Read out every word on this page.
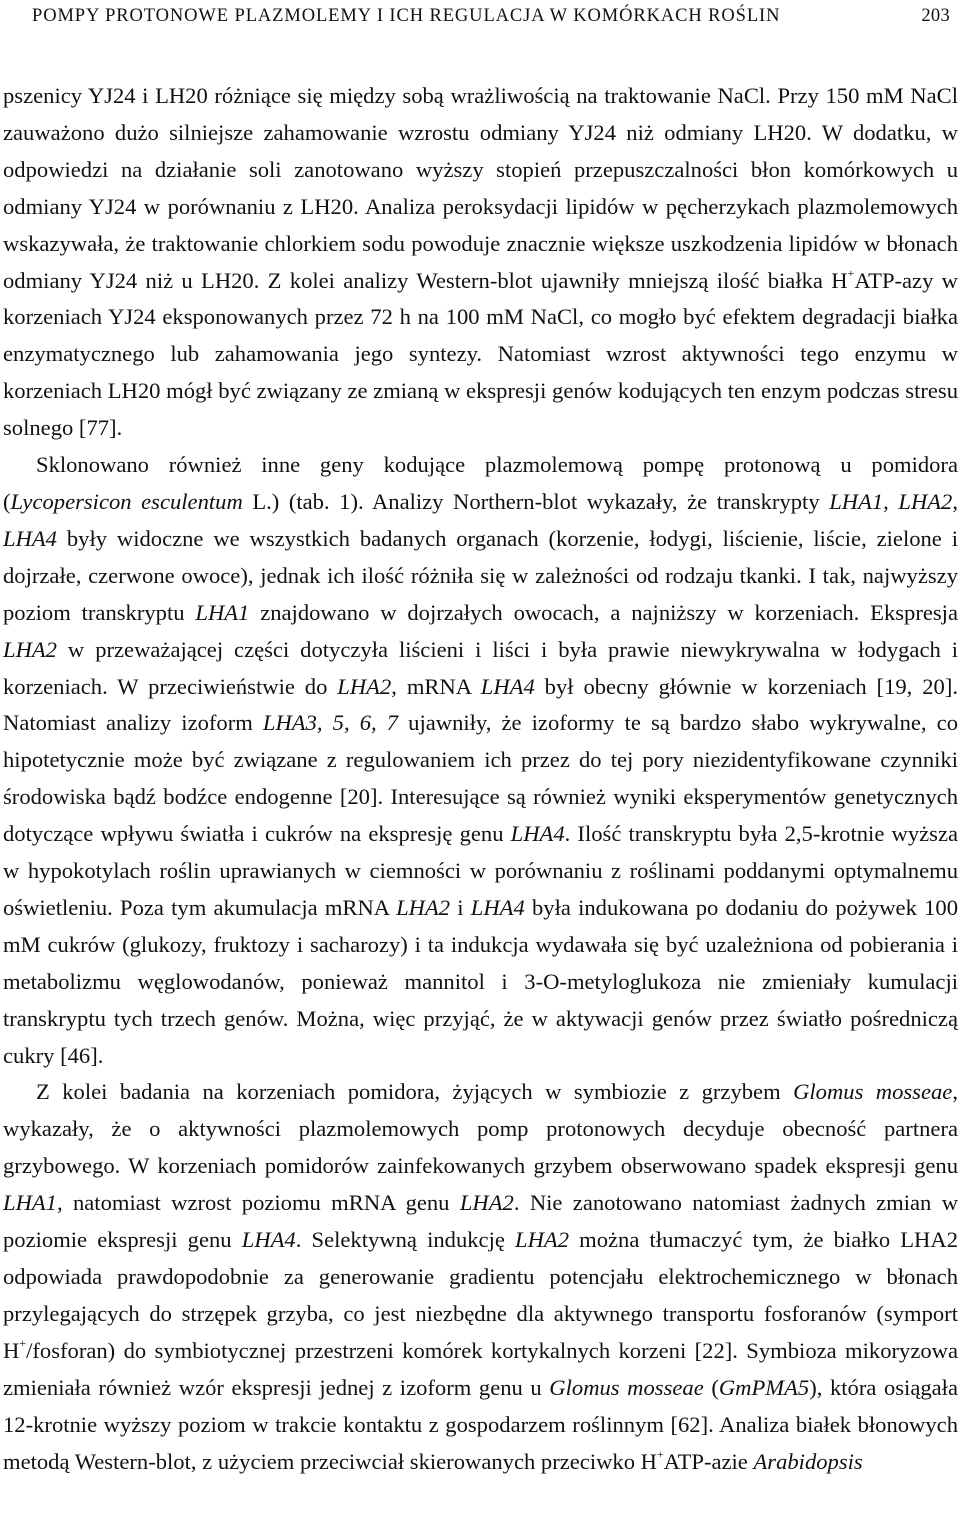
POMPY PROTONOWE PLAZMOLEMY I ICH REGULACJA W KOMÓRKACH ROŚLIN	203

pszenicy YJ24 i LH20 różniące się między sobą wrażliwością na traktowanie NaCl. Przy 150 mM NaCl zauważono dużo silniejsze zahamowanie wzrostu odmiany YJ24 niż odmiany LH20. W dodatku, w odpowiedzi na działanie soli zanotowano wyższy stopień przepuszczalności błon komórkowych u odmiany YJ24 w porównaniu z LH20. Analiza peroksydacji lipidów w pęcherzykach plazmolemowych wskazywała, że traktowanie chlorkiem sodu powoduje znacznie większe uszkodzenia lipidów w błonach odmiany YJ24 niż u LH20. Z kolei analizy Western-blot ujawniły mniejszą ilość białka H+ATP-azy w korzeniach YJ24 eksponowanych przez 72 h na 100 mM NaCl, co mogło być efektem degradacji białka enzymatycznego lub zahamowania jego syntezy. Natomiast wzrost aktywności tego enzymu w korzeniach LH20 mógł być związany ze zmianą w ekspresji genów kodujących ten enzym podczas stresu solnego [77].

Sklonowano również inne geny kodujące plazmolemową pompę protonową u pomidora (Lycopersicon esculentum L.) (tab. 1). Analizy Northern-blot wykazały, że transkrypty LHA1, LHA2, LHA4 były widoczne we wszystkich badanych organach (korzenie, łodygi, liścienie, liście, zielone i dojrzałe, czerwone owoce), jednak ich ilość różniła się w zależności od rodzaju tkanki. I tak, najwyższy poziom transkryptu LHA1 znajdowano w dojrzałych owocach, a najniższy w korzeniach. Ekspresja LHA2 w przeważającej części dotyczyła liścieni i liści i była prawie niewykrywalna w łodygach i korzeniach. W przeciwieństwie do LHA2, mRNA LHA4 był obecny głównie w korzeniach [19, 20]. Natomiast analizy izoform LHA3, 5, 6, 7 ujawniły, że izoformy te są bardzo słabo wykrywalne, co hipotetycznie może być związane z regulowaniem ich przez do tej pory niezidentyfikowane czynniki środowiska bądź bodźce endogenne [20]. Interesujące są również wyniki eksperymentów genetycznych dotyczące wpływu światła i cukrów na ekspresję genu LHA4. Ilość transkryptu była 2,5-krotnie wyższa w hypokotylach roślin uprawianych w ciemności w porównaniu z roślinami poddanymi optymalnemu oświetleniu. Poza tym akumulacja mRNA LHA2 i LHA4 była indukowana po dodaniu do pożywek 100 mM cukrów (glukozy, fruktozy i sacharozy) i ta indukcja wydawała się być uzależniona od pobierania i metabolizmu węglowodanów, ponieważ mannitol i 3-O-metyloglukoza nie zmieniały kumulacji transkryptu tych trzech genów. Można, więc przyjąć, że w aktywacji genów przez światło pośredniczą cukry [46].

Z kolei badania na korzeniach pomidora, żyjących w symbiozie z grzybem Glomus mosseae, wykazały, że o aktywności plazmolemowych pomp protonowych decyduje obecność partnera grzybowego. W korzeniach pomidorów zainfekowanych grzybem obserwowano spadek ekspresji genu LHA1, natomiast wzrost poziomu mRNA genu LHA2. Nie zanotowano natomiast żadnych zmian w poziomie ekspresji genu LHA4. Selektywną indukcję LHA2 można tłumaczyć tym, że białko LHA2 odpowiada prawdopodobnie za generowanie gradientu potencjału elektrochemicznego w błonach przylegających do strzępek grzyba, co jest niezbędne dla aktywnego transportu fosforanów (symport H+/fosforan) do symbiotycznej przestrzeni komórek kortykalnych korzeni [22]. Symbioza mikoryzowa zmieniała również wzór ekspresji jednej z izoform genu u Glomus mosseae (GmPMA5), która osiągała 12-krotnie wyższy poziom w trakcie kontaktu z gospodarzem roślinnym [62]. Analiza białek błonowych metodą Western-blot, z użyciem przeciwciał skierowanych przeciwko H+ATP-azie Arabidopsis
